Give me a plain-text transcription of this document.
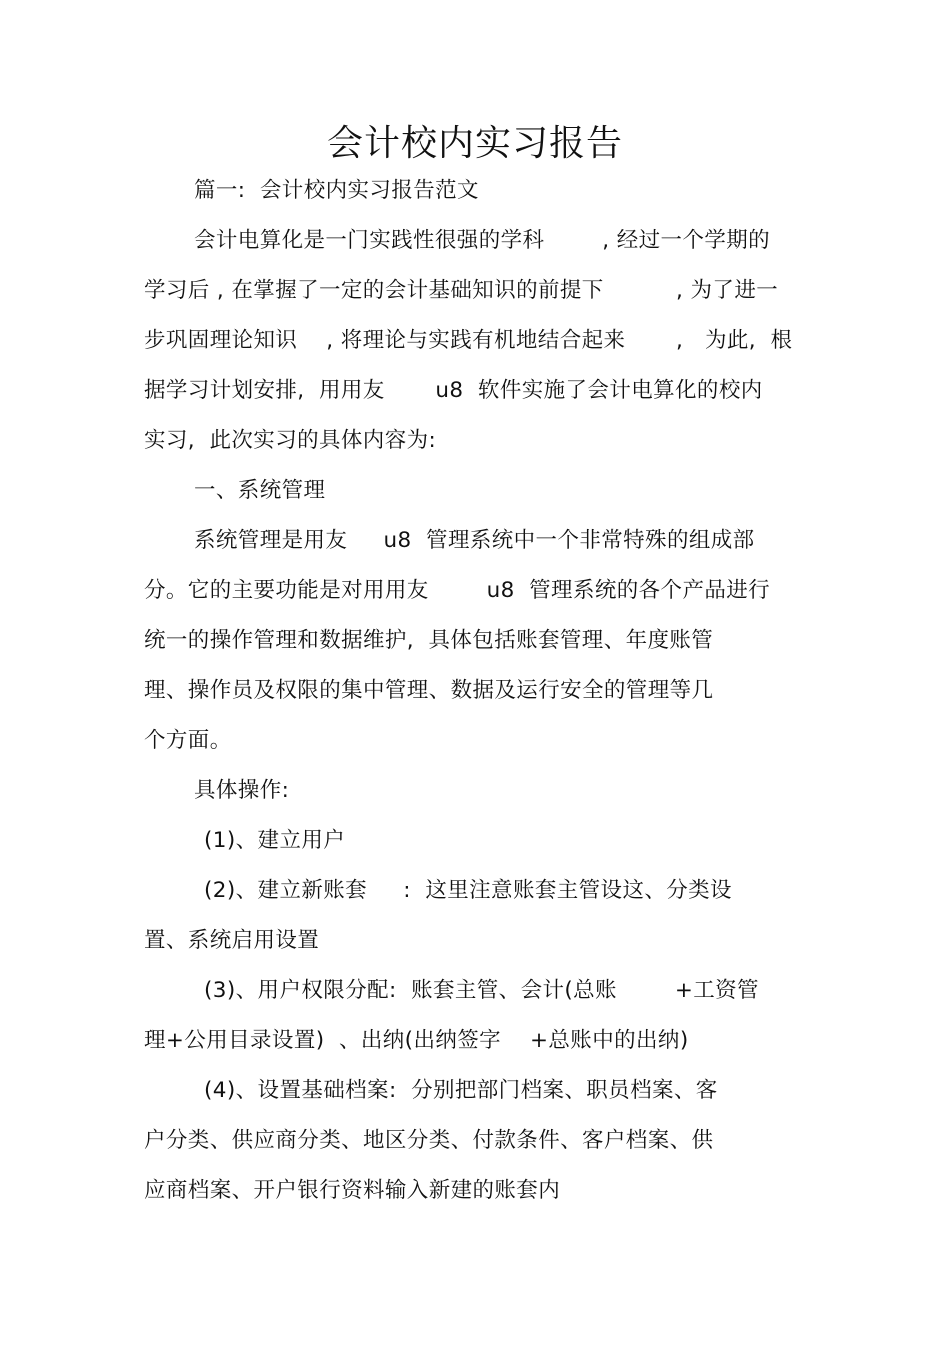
会计校内实习报告
篇一:  会计校内实习报告范文
会计电算化是一门实践性很强的学科        , 经过一个学期的
学习后 , 在掌握了一定的会计基础知识的前提下          , 为了进一
步巩固理论知识    , 将理论与实践有机地结合起来       ,   为此,  根
据学习计划安排,  用用友       u8  软件实施了会计电算化的校内
实习,  此次实习的具体内容为:
一、系统管理
系统管理是用友     u8  管理系统中一个非常特殊的组成部
分。它的主要功能是对用用友        u8  管理系统的各个产品进行
统一的操作管理和数据维护,  具体包括账套管理、年度账管
理、操作员及权限的集中管理、数据及运行安全的管理等几
个方面。
具体操作:
(1)、建立用户
(2)、建立新账套     :  这里注意账套主管设这、分类设
置、系统启用设置
(3)、用户权限分配:  账套主管、会计(总账        +工资管
理+公用目录设置)  、出纳(出纳签字    +总账中的出纳)
(4)、设置基础档案:  分别把部门档案、职员档案、客
户分类、供应商分类、地区分类、付款条件、客户档案、供
应商档案、开户银行资料输入新建的账套内
